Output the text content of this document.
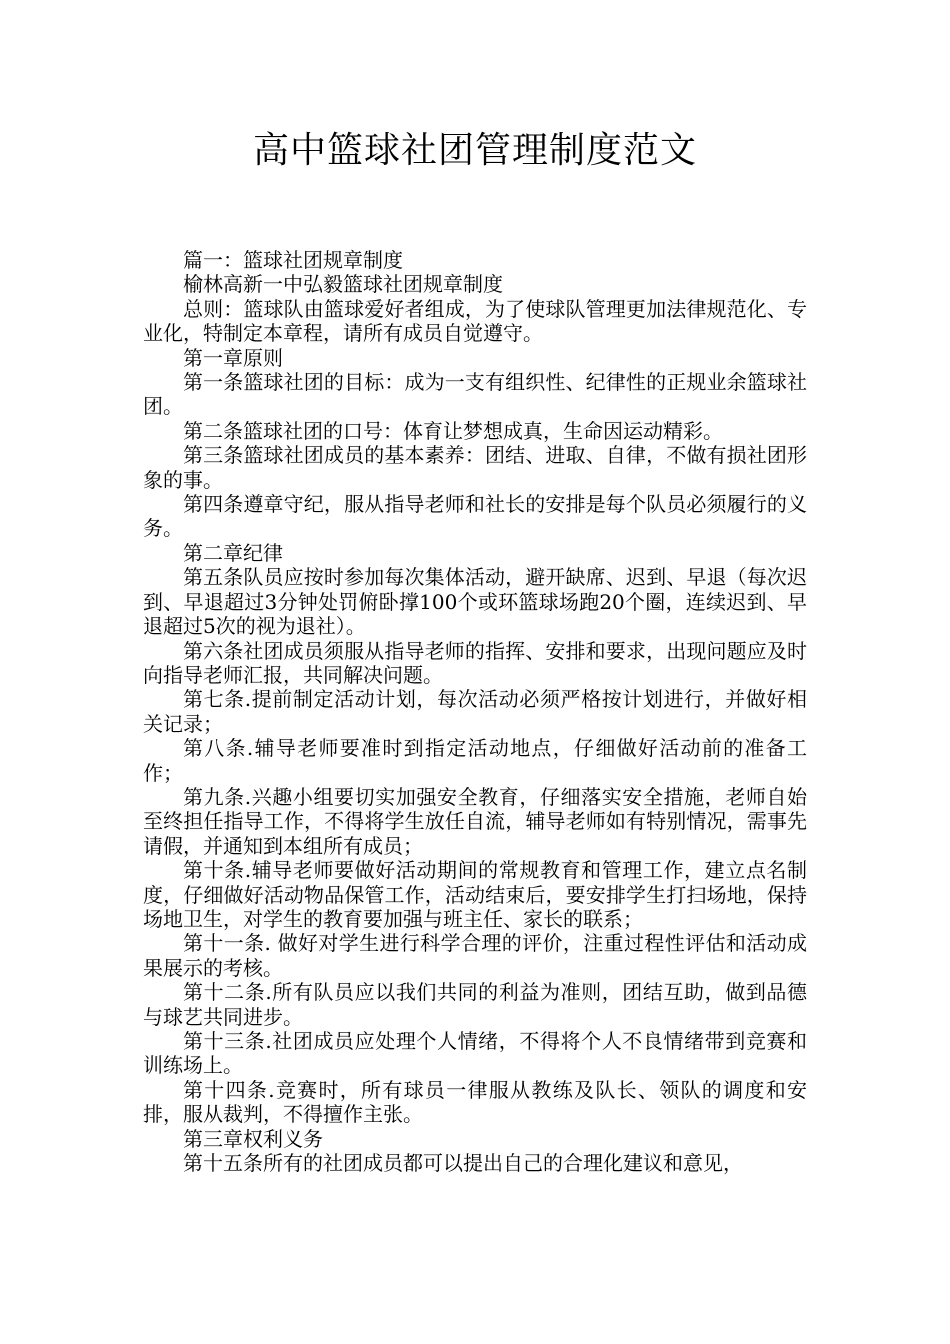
高中篮球社团管理制度范文

篇一：篮球社团规章制度

榆林高新一中弘毅篮球社团规章制度

总则：篮球队由篮球爱好者组成，为了使球队管理更加法律规范化、专业化，特制定本章程，请所有成员自觉遵守。

第一章原则

第一条篮球社团的目标：成为一支有组织性、纪律性的正规业余篮球社团。

第二条篮球社团的口号：体育让梦想成真，生命因运动精彩。

第三条篮球社团成员的基本素养：团结、进取、自律，不做有损社团形象的事。

第四条遵章守纪，服从指导老师和社长的安排是每个队员必须履行的义务。

第二章纪律

第五条队员应按时参加每次集体活动，避开缺席、迟到、早退（每次迟到、早退超过3分钟处罚俯卧撑100个或环篮球场跑20个圈，连续迟到、早退超过5次的视为退社）。

第六条社团成员须服从指导老师的指挥、安排和要求，出现问题应及时向指导老师汇报，共同解决问题。

第七条.提前制定活动计划，每次活动必须严格按计划进行，并做好相关记录；

第八条.辅导老师要准时到指定活动地点，仔细做好活动前的准备工作；

第九条.兴趣小组要切实加强安全教育，仔细落实安全措施，老师自始至终担任指导工作，不得将学生放任自流，辅导老师如有特别情况，需事先请假，并通知到本组所有成员；

第十条.辅导老师要做好活动期间的常规教育和管理工作，建立点名制度，仔细做好活动物品保管工作，活动结束后，要安排学生打扫场地，保持场地卫生，对学生的教育要加强与班主任、家长的联系；

第十一条. 做好对学生进行科学合理的评价，注重过程性评估和活动成果展示的考核。

第十二条.所有队员应以我们共同的利益为准则，团结互助，做到品德与球艺共同进步。

第十三条.社团成员应处理个人情绪，不得将个人不良情绪带到竞赛和训练场上。

第十四条.竞赛时，所有球员一律服从教练及队长、领队的调度和安排，服从裁判，不得擅作主张。

第三章权利义务

第十五条所有的社团成员都可以提出自己的合理化建议和意见，
